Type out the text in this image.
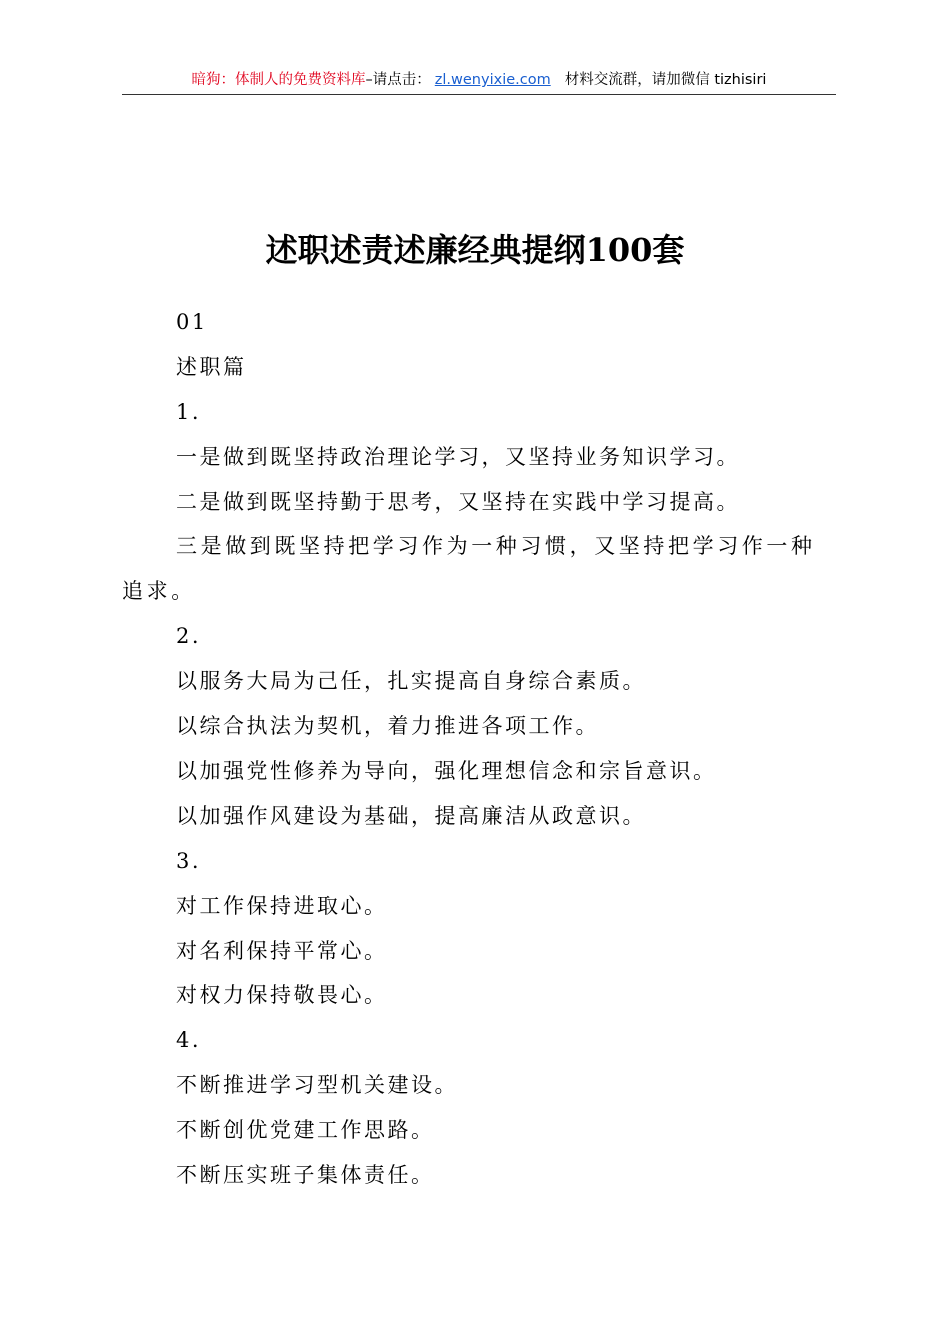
暗狗：体制人的免费资料库–请点击： zl.wenyixie.com 材料交流群，请加微信 tizhisiri
述职述责述廉经典提纲100套
01
述职篇
1.
一是做到既坚持政治理论学习，又坚持业务知识学习。
二是做到既坚持勤于思考，又坚持在实践中学习提高。
三是做到既坚持把学习作为一种习惯，又坚持把学习作一种追求。
2.
以服务大局为己任，扎实提高自身综合素质。
以综合执法为契机，着力推进各项工作。
以加强党性修养为导向，强化理想信念和宗旨意识。
以加强作风建设为基础，提高廉洁从政意识。
3.
对工作保持进取心。
对名利保持平常心。
对权力保持敬畏心。
4.
不断推进学习型机关建设。
不断创优党建工作思路。
不断压实班子集体责任。
